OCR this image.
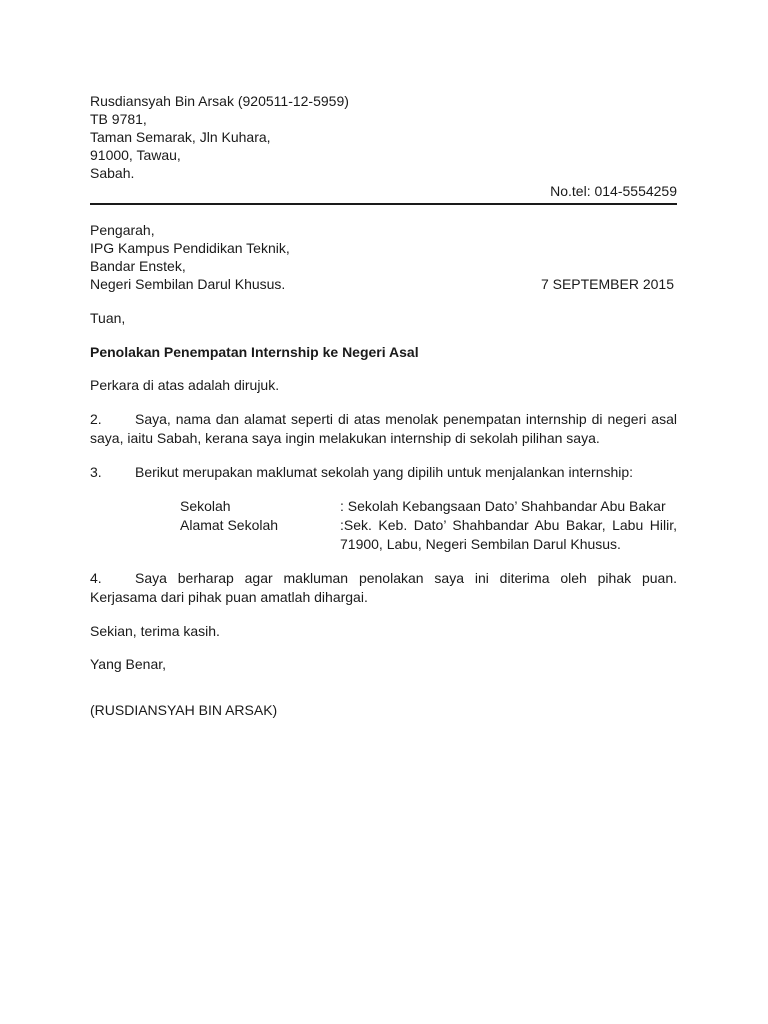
Rusdiansyah Bin Arsak (920511-12-5959)
TB 9781,
Taman Semarak, Jln Kuhara,
91000, Tawau,
Sabah.
No.tel: 014-5554259
Pengarah,
IPG Kampus Pendidikan Teknik,
Bandar Enstek,
Negeri Sembilan Darul Khusus.	7 SEPTEMBER 2015
Tuan,
Penolakan Penempatan Internship ke Negeri Asal
Perkara di atas adalah dirujuk.
2. Saya, nama dan alamat seperti di atas menolak penempatan internship di negeri asal saya, iaitu Sabah, kerana saya ingin melakukan internship di sekolah pilihan saya.
3. Berikut merupakan maklumat sekolah yang dipilih untuk menjalankan internship:
Sekolah	: Sekolah Kebangsaan Dato’ Shahbandar Abu Bakar
Alamat Sekolah	:Sek. Keb. Dato’ Shahbandar Abu Bakar, Labu Hilir,
71900, Labu, Negeri Sembilan Darul Khusus.
4. Saya berharap agar makluman penolakan saya ini diterima oleh pihak puan. Kerjasama dari pihak puan amatlah dihargai.
Sekian, terima kasih.
Yang Benar,
(RUSDIANSYAH BIN ARSAK)
